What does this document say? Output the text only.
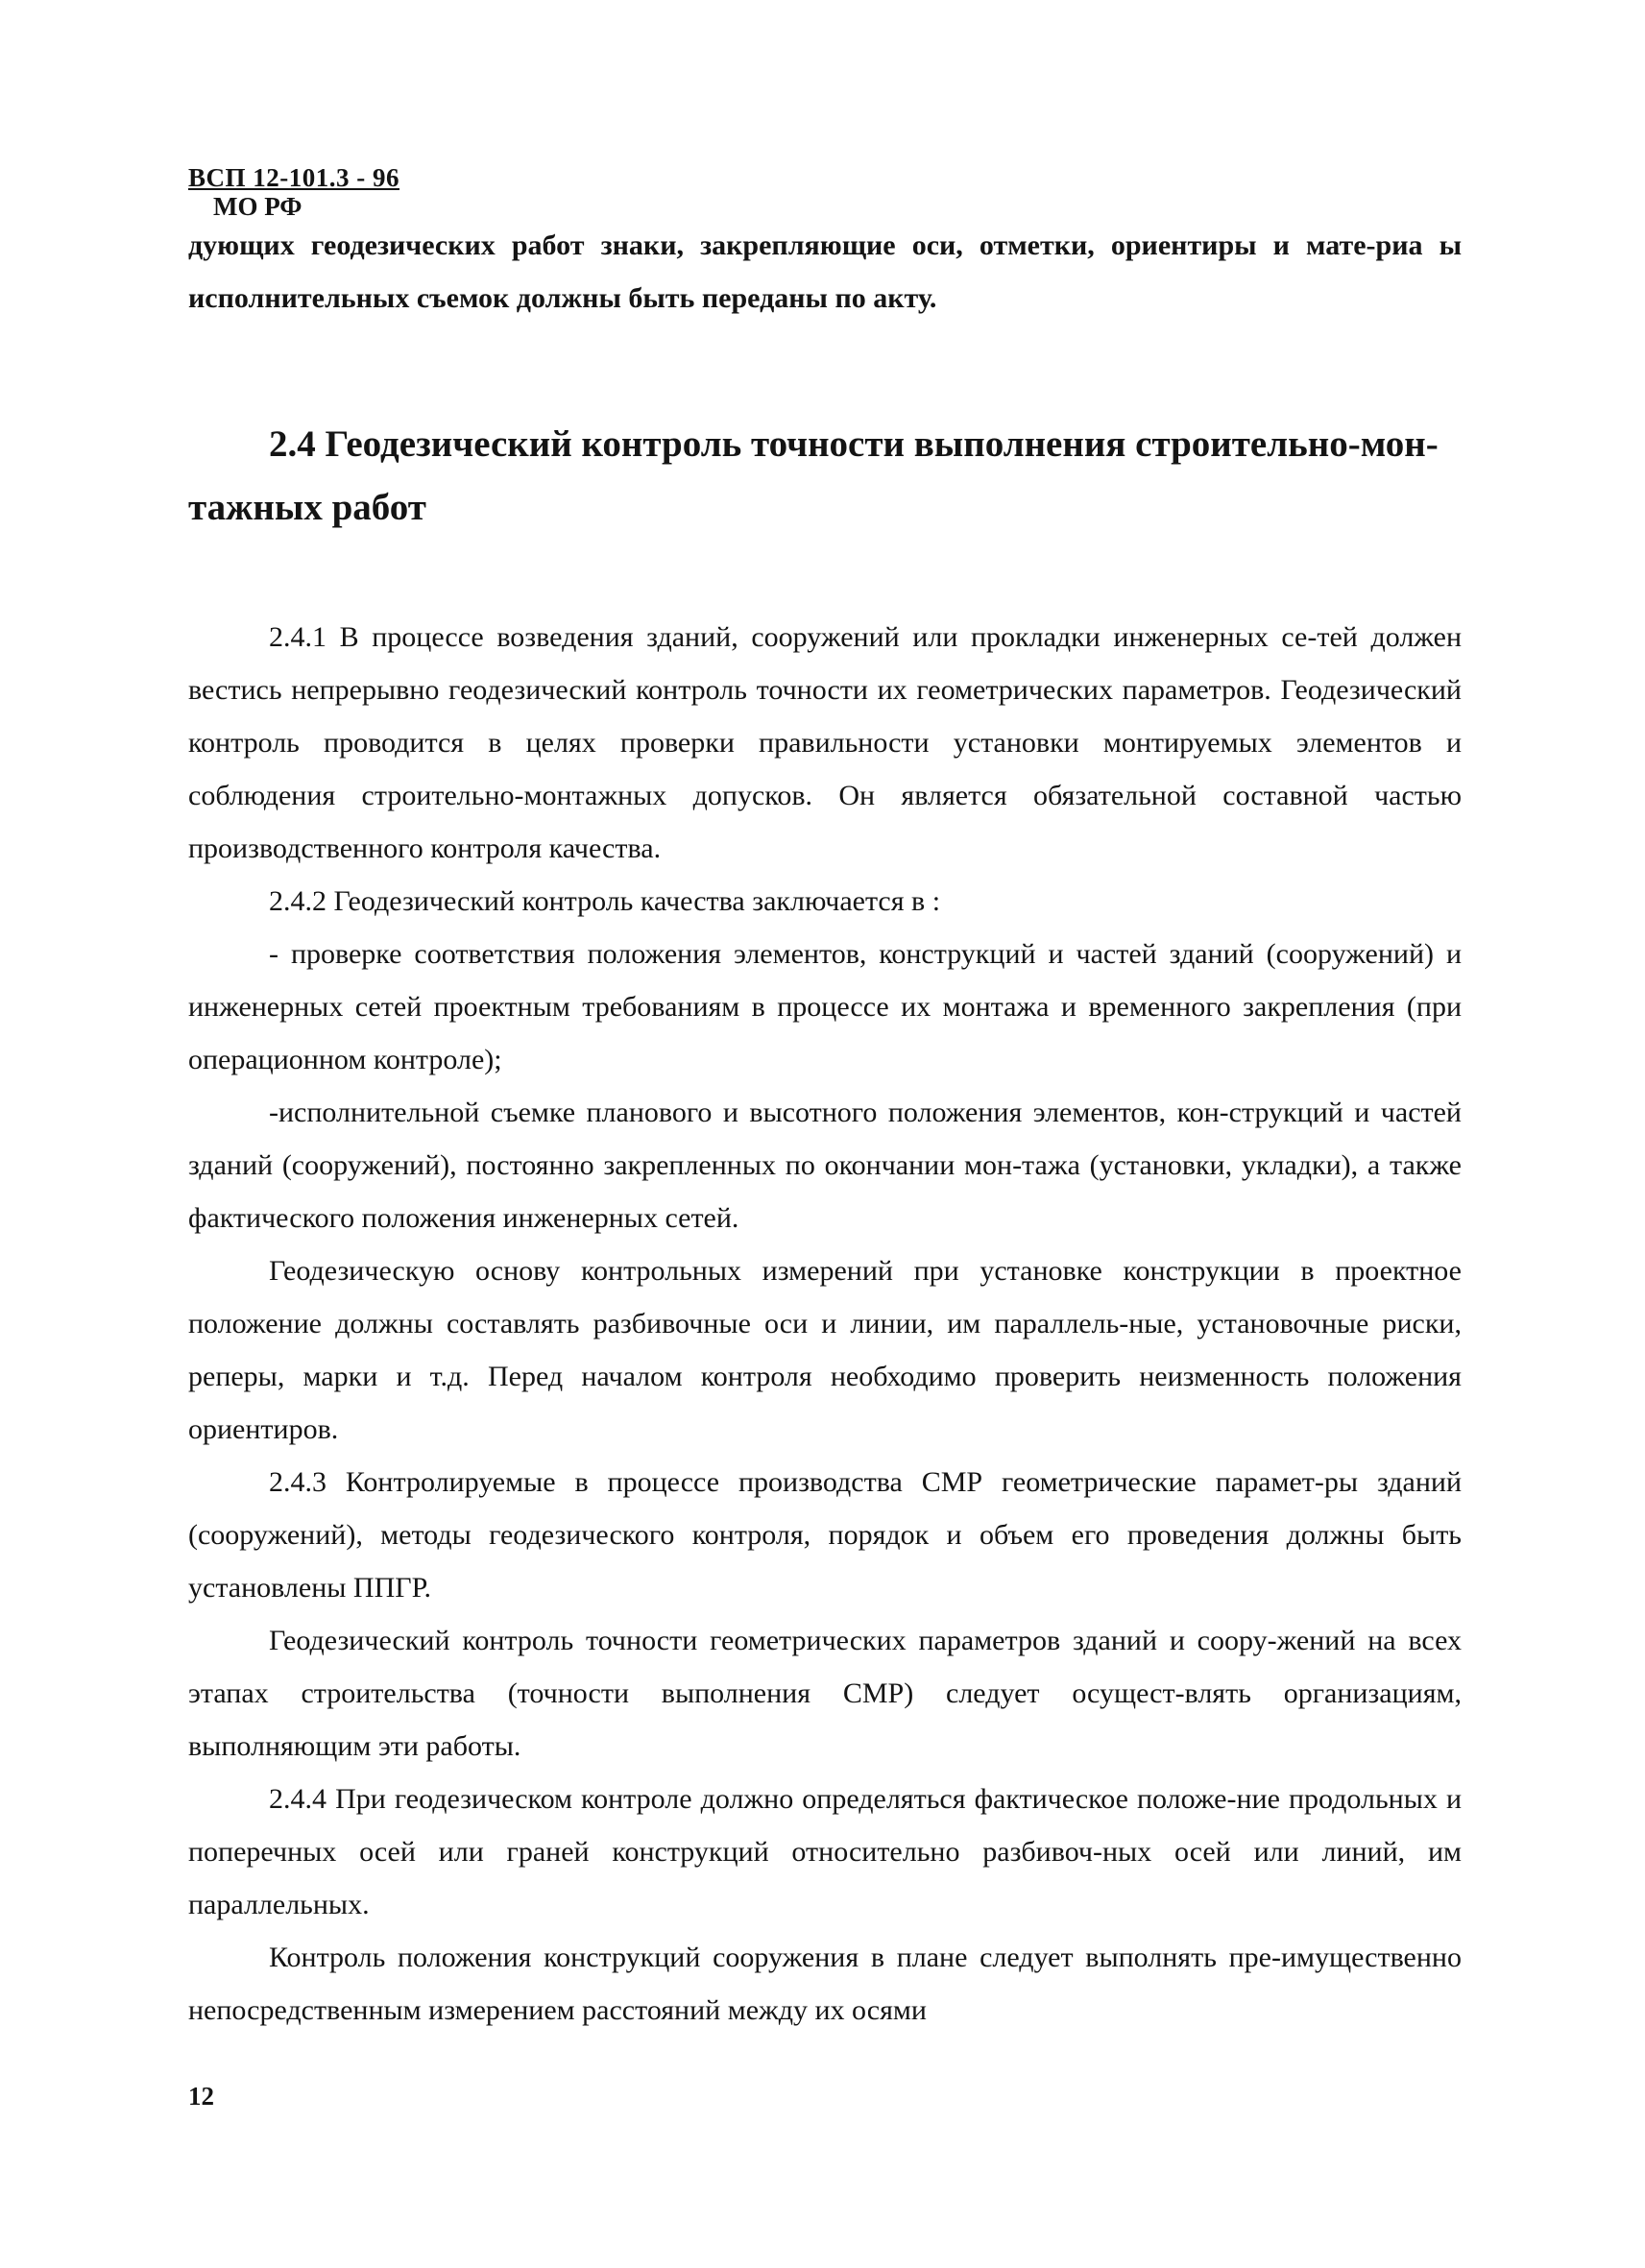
ВСП 12-101.3 - 96
МО РФ

дующих геодезических работ знаки, закрепляющие оси, отметки, ориентиры и мате-риа ы исполнительных съемок должны быть переданы по акту.

2.4 Геодезический контроль точности выполнения строительно-мон-тажных работ

2.4.1 В процессе возведения зданий, сооружений или прокладки инженерных се-тей должен вестись непрерывно геодезический контроль точности их геометрических параметров. Геодезический контроль проводится в целях проверки правильности установки монтируемых элементов и соблюдения строительно-монтажных допусков. Он является обязательной составной частью производственного контроля качества.

2.4.2 Геодезический контроль качества заключается в :

- проверке соответствия положения элементов, конструкций и частей зданий (сооружений) и инженерных сетей проектным требованиям в процессе их монтажа и временного закрепления (при операционном контроле);

-исполнительной съемке планового и высотного положения элементов, кон-струкций и частей зданий (сооружений), постоянно закрепленных по окончании мон-тажа (установки, укладки), а также фактического положения инженерных сетей.

Геодезическую основу контрольных измерений при установке конструкции в проектное положение должны составлять разбивочные оси и линии, им параллель-ные, установочные риски, реперы, марки и т.д. Перед началом контроля необходимо проверить неизменность положения ориентиров.

2.4.3 Контролируемые в процессе производства СМР геометрические парамет-ры зданий (сооружений), методы геодезического контроля, порядок и объем его проведения должны быть установлены ППГР.

Геодезический контроль точности геометрических параметров зданий и соору-жений на всех этапах строительства (точности выполнения СМР) следует осущест-влять организациям, выполняющим эти работы.

2.4.4 При геодезическом контроле должно определяться фактическое положе-ние продольных и поперечных осей или граней конструкций относительно разбивоч-ных осей или линий, им параллельных.

Контроль положения конструкций сооружения в плане следует выполнять пре-имущественно непосредственным измерением расстояний между их осями

12
